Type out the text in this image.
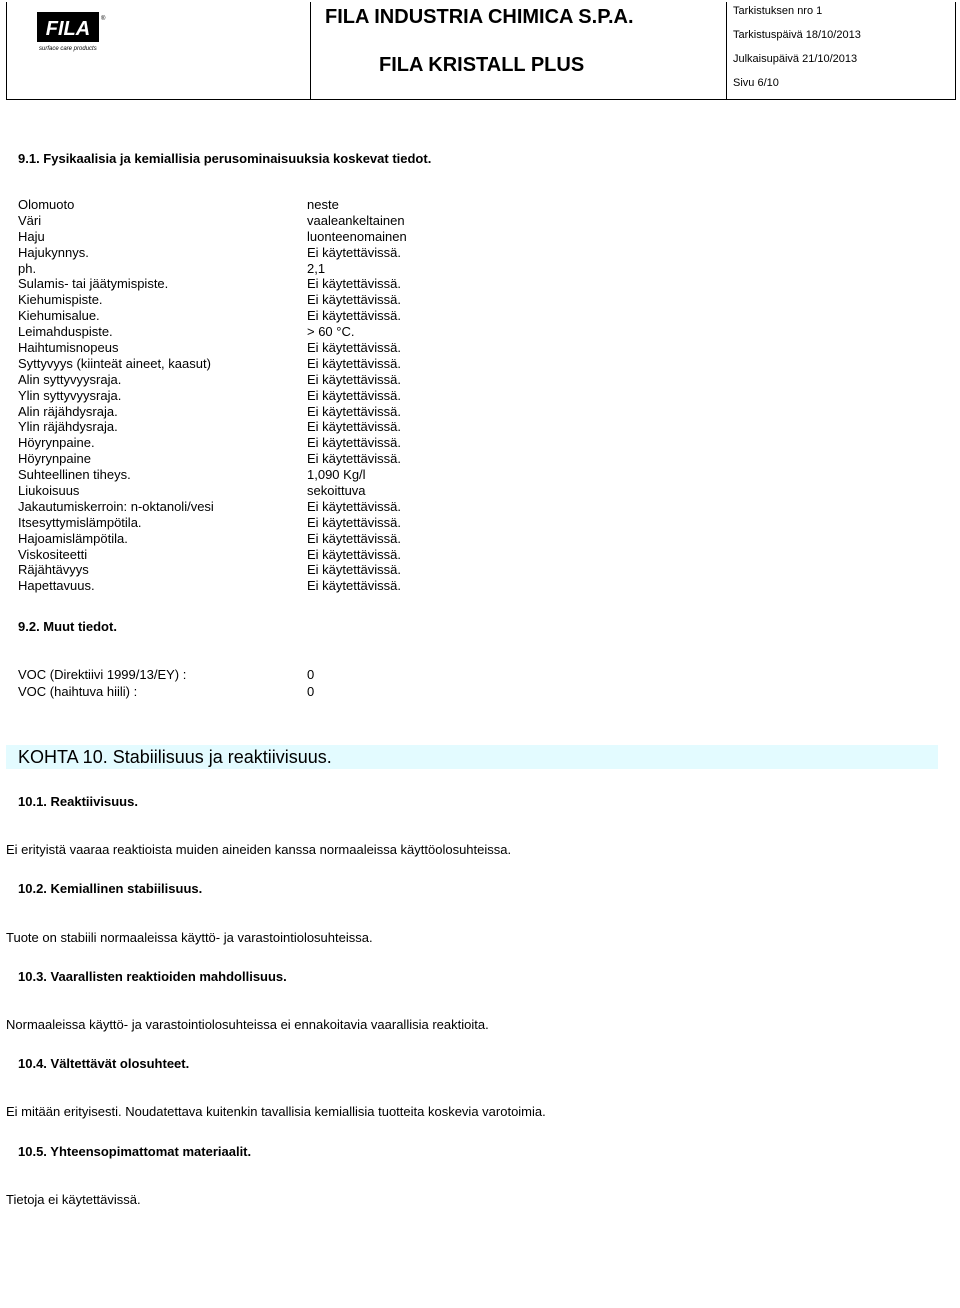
FILA ®
surface care products
FILA INDUSTRIA CHIMICA S.P.A.
FILA KRISTALL PLUS
Tarkistuksen nro 1
Tarkistuspäivä 18/10/2013
Julkaisupäivä 21/10/2013
Sivu 6/10
9.1. Fysikaalisia ja kemiallisia perusominaisuuksia koskevat tiedot.
Olomuoto	neste
Väri	vaaleankeltainen
Haju	luonteenomainen
Hajukynnys.	Ei käytettävissä.
ph.	2,1
Sulamis- tai jäätymispiste.	Ei käytettävissä.
Kiehumispiste.	Ei käytettävissä.
Kiehumisalue.	Ei käytettävissä.
Leimahduspiste.	> 60 °C.
Haihtumisnopeus	Ei käytettävissä.
Syttyvyys (kiinteät aineet, kaasut)	Ei käytettävissä.
Alin syttyvyysraja.	Ei käytettävissä.
Ylin syttyvyysraja.	Ei käytettävissä.
Alin räjähdysraja.	Ei käytettävissä.
Ylin räjähdysraja.	Ei käytettävissä.
Höyrynpaine.	Ei käytettävissä.
Höyrynpaine	Ei käytettävissä.
Suhteellinen tiheys.	1,090 Kg/l
Liukoisuus	sekoittuva
Jakautumiskerroin: n-oktanoli/vesi	Ei käytettävissä.
Itsesyttymislämpötila.	Ei käytettävissä.
Hajoamislämpötila.	Ei käytettävissä.
Viskositeetti	Ei käytettävissä.
Räjähtävyys	Ei käytettävissä.
Hapettavuus.	Ei käytettävissä.
9.2. Muut tiedot.
VOC (Direktiivi 1999/13/EY) :	0
VOC (haihtuva hiili) :	0
KOHTA 10. Stabiilisuus ja reaktiivisuus.
10.1. Reaktiivisuus.
Ei erityistä vaaraa reaktioista muiden aineiden kanssa normaaleissa käyttöolosuhteissa.
10.2. Kemiallinen stabiilisuus.
Tuote on stabiili normaaleissa käyttö- ja varastointiolosuhteissa.
10.3. Vaarallisten reaktioiden mahdollisuus.
Normaaleissa käyttö- ja varastointiolosuhteissa ei ennakoitavia vaarallisia reaktioita.
10.4. Vältettävät olosuhteet.
Ei mitään erityisesti. Noudatettava kuitenkin tavallisia kemiallisia tuotteita koskevia varotoimia.
10.5. Yhteensopimattomat materiaalit.
Tietoja ei käytettävissä.
